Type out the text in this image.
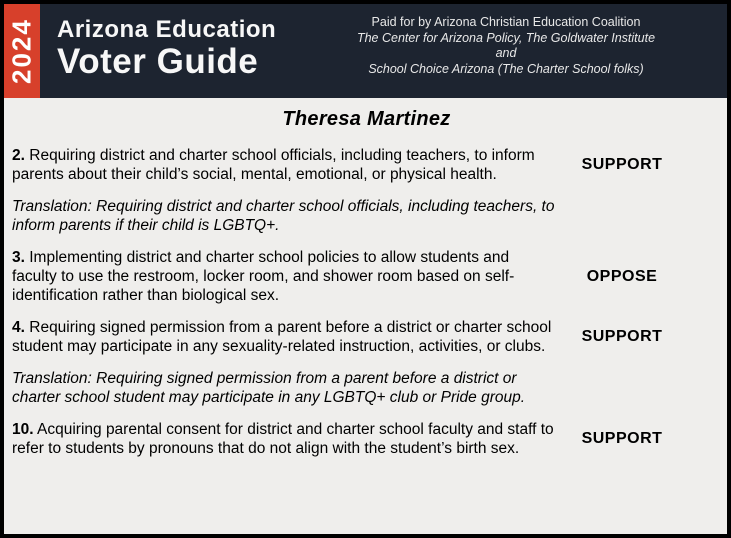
2024 Arizona Education
Voter Guide
Paid for by Arizona Christian Education Coalition
The Center for Arizona Policy, The Goldwater Institute
and
School Choice Arizona (The Charter School folks)
Theresa Martinez

2. Requiring district and charter school officials, including teachers, to inform parents about their child’s social, mental, emotional, or physical health.

SUPPORT

Translation: Requiring district and charter school officials, including teachers, to inform parents if their child is LGBTQ+.

3. Implementing district and charter school policies to allow students and faculty to use the restroom, locker room, and shower room based on self-identification rather than biological sex.

OPPOSE

4. Requiring signed permission from a parent before a district or charter school student may participate in any sexuality-related instruction, activities, or clubs.

SUPPORT

Translation: Requiring signed permission from a parent before a district or charter school student may participate in any LGBTQ+ club or Pride group.

10. Acquiring parental consent for district and charter school faculty and staff to refer to students by pronouns that do not align with the student’s birth sex.

SUPPORT
